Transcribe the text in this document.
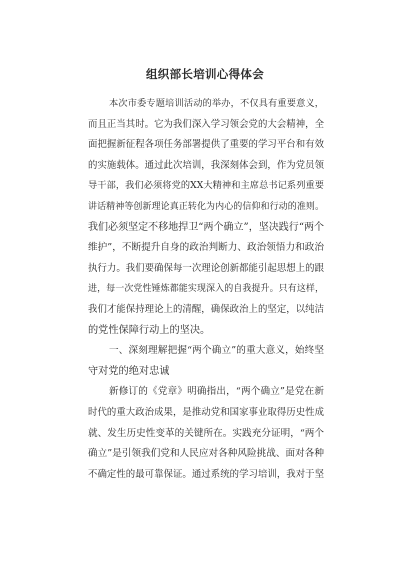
组织部长培训心得体会
本次市委专题培训活动的举办，不仅具有重要意义，
而且正当其时。它为我们深入学习领会党的大会精神，全
面把握新征程各项任务部署提供了重要的学习平台和有效
的实施载体。通过此次培训，我深刻体会到，作为党员领
导干部，我们必须将党的XX大精神和主席总书记系列重要
讲话精神等创新理论真正转化为内心的信仰和行动的准则。
我们必须坚定不移地捍卫“两个确立”，坚决践行“两个
维护”，不断提升自身的政治判断力、政治领悟力和政治
执行力。我们要确保每一次理论创新都能引起思想上的跟
进，每一次党性锤炼都能实现深入的自我提升。只有这样，
我们才能保持理论上的清醒，确保政治上的坚定，以纯洁
的党性保障行动上的坚决。
一、深刻理解把握“两个确立”的重大意义，始终坚
守对党的绝对忠诚
新修订的《党章》明确指出，“两个确立”是党在新
时代的重大政治成果，是推动党和国家事业取得历史性成
就、发生历史性变革的关键所在。实践充分证明，“两个
确立”是引领我们党和人民应对各种风险挑战、面对各种
不确定性的最可靠保证。通过系统的学习培训，我对于坚
